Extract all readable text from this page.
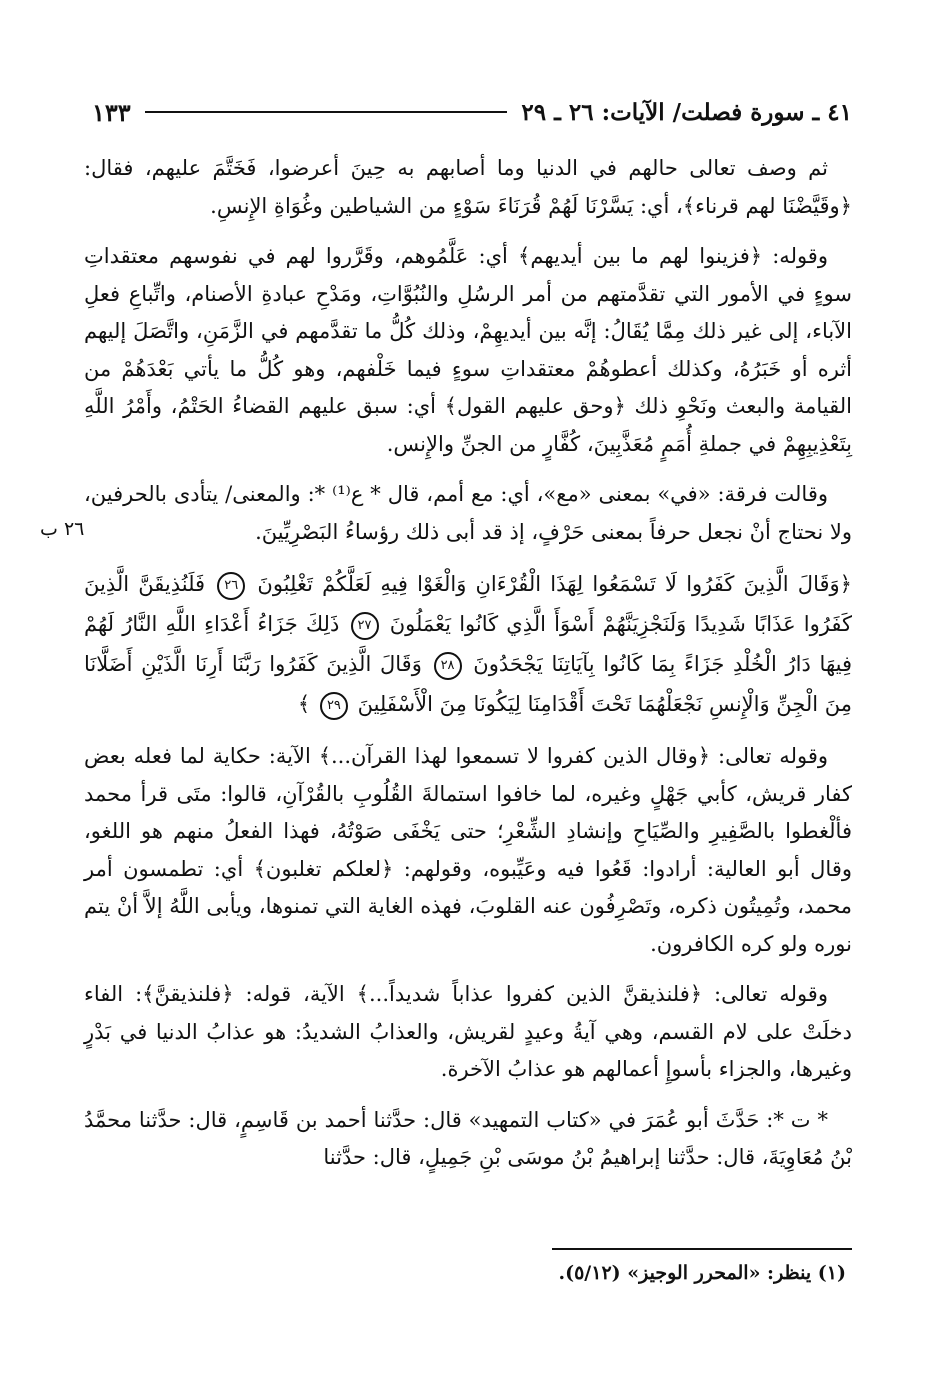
٤١ ـ سورة فصلت/ الآيات: ٢٦ ـ ٢٩
١٣٣
٢٦ ب

ثم وصف تعالى حالهم في الدنيا وما أصابهم به حِينَ أعرضوا، فَخَتَّمَ عليهم، فقال: ﴿وقَيَّضْنَا لهم قرناء﴾، أي: يَسَّرْنَا لَهُمْ قُرَنَاءَ سَوْءٍ من الشياطين وغُوَاةِ الإِنسِ.

وقوله: ﴿فزينوا لهم ما بين أيديهم﴾ أي: عَلَّمُوهم، وقَرَّروا لهم في نفوسهم معتقداتِ سوءٍ في الأمور التي تقدَّمتهم من أمر الرسُلِ والنُبُوَّاتِ، ومَدْحِ عبادةِ الأصنام، واتِّباعِ فعلِ الآباء، إلى غير ذلك مِمَّا يُقَالُ: إنَّه بين أيديهِمْ، وذلك كُلُّ ما تقدَّمهم في الزَّمَنِ، واتَّصَلَ إليهم أثره أو خَبَرُهُ، وكذلك أعطوهُمْ معتقداتِ سوءٍ فيما خَلْفهم، وهو كُلُّ ما يأتي بَعْدَهُمْ من القيامة والبعث ونَحْوِ ذلك ﴿وحق عليهم القول﴾ أي: سبق عليهم القضاءُ الحَتْمُ، وأَمْرُ اللَّهِ بِتَعْذِيبِهِمْ في جملةِ أُمَمٍ مُعَذَّبِينَ، كُفَّارٍ من الجنِّ والإِنس.

وقالت فرقة: «في» بمعنى «مع»، أي: مع أمم، قال * ع⁽¹⁾ *: والمعنى/ يتأدى بالحرفين، ولا نحتاج أنْ نجعل حرفاً بمعنى حَرْفٍ، إذ قد أبى ذلك رؤساءُ البَصْرِيِّينَ.

﴿وَقَالَ الَّذِينَ كَفَرُوا لَا تَسْمَعُوا لِهَذَا الْقُرْءَانِ وَالْغَوْا فِيهِ لَعَلَّكُمْ تَغْلِبُونَ ٢٦ فَلَنُذِيقَنَّ الَّذِينَ كَفَرُوا عَذَابًا شَدِيدًا وَلَنَجْزِيَنَّهُمْ أَسْوَأَ الَّذِي كَانُوا يَعْمَلُونَ ٢٧ ذَلِكَ جَزَاءُ أَعْدَاءِ اللَّهِ النَّارُ لَهُمْ فِيهَا دَارُ الْخُلْدِ جَزَاءً بِمَا كَانُوا بِآيَاتِنَا يَجْحَدُونَ ٢٨ وَقَالَ الَّذِينَ كَفَرُوا رَبَّنَا أَرِنَا الَّذَيْنِ أَضَلَّانَا مِنَ الْجِنِّ وَالْإِنسِ نَجْعَلْهُمَا تَحْتَ أَقْدَامِنَا لِيَكُونَا مِنَ الْأَسْفَلِينَ ٢٩ ﴾

وقوله تعالى: ﴿وقال الذين كفروا لا تسمعوا لهذا القرآن...﴾ الآية: حكاية لما فعله بعض كفار قريش، كأبي جَهْلٍ وغيره، لما خافوا استمالةَ القُلُوبِ بالقُرْآنِ، قالوا: متَى قرأ محمد فألْغطوا بالصَّفِيرِ والصِّيَاحِ وإنشادِ الشِّعْرِ؛ حتى يَخْفَى صَوْتُهُ، فهذا الفعلُ منهم هو اللغو، وقال أبو العالية: أرادوا: قَعُوا فيه وعَيِّبوه، وقولهم: ﴿لعلكم تغلبون﴾ أي: تطمسون أمر محمد، وتُمِيتُون ذكره، وتَصْرِفُون عنه القلوبَ، فهذه الغاية التي تمنوها، ويأبى اللَّهُ إلاَّ أنْ يتم نوره ولو كره الكافرون.

وقوله تعالى: ﴿فلنذيقنَّ الذين كفروا عذاباً شديداً...﴾ الآية، قوله: ﴿فلنذيقنَّ﴾: الفاء دخلَتْ على لام القسم، وهي آيةُ وعيدٍ لقريش، والعذابُ الشديدُ: هو عذابُ الدنيا في بَدْرٍ وغيرها، والجزاء بأسوإِ أعمالهم هو عذابُ الآخرة.

* ت *: حَدَّثَ أبو عُمَرَ في «كتاب التمهيد» قال: حدَّثنا أحمد بن قَاسِمٍ، قال: حدَّثنا محمَّدُ بْنُ مُعَاوِيَةَ، قال: حدَّثنا إبراهيمُ بْنُ موسَى بْنِ جَمِيلٍ، قال: حدَّثنا

(١) ينظر: «المحرر الوجيز» (٥/١٢).
